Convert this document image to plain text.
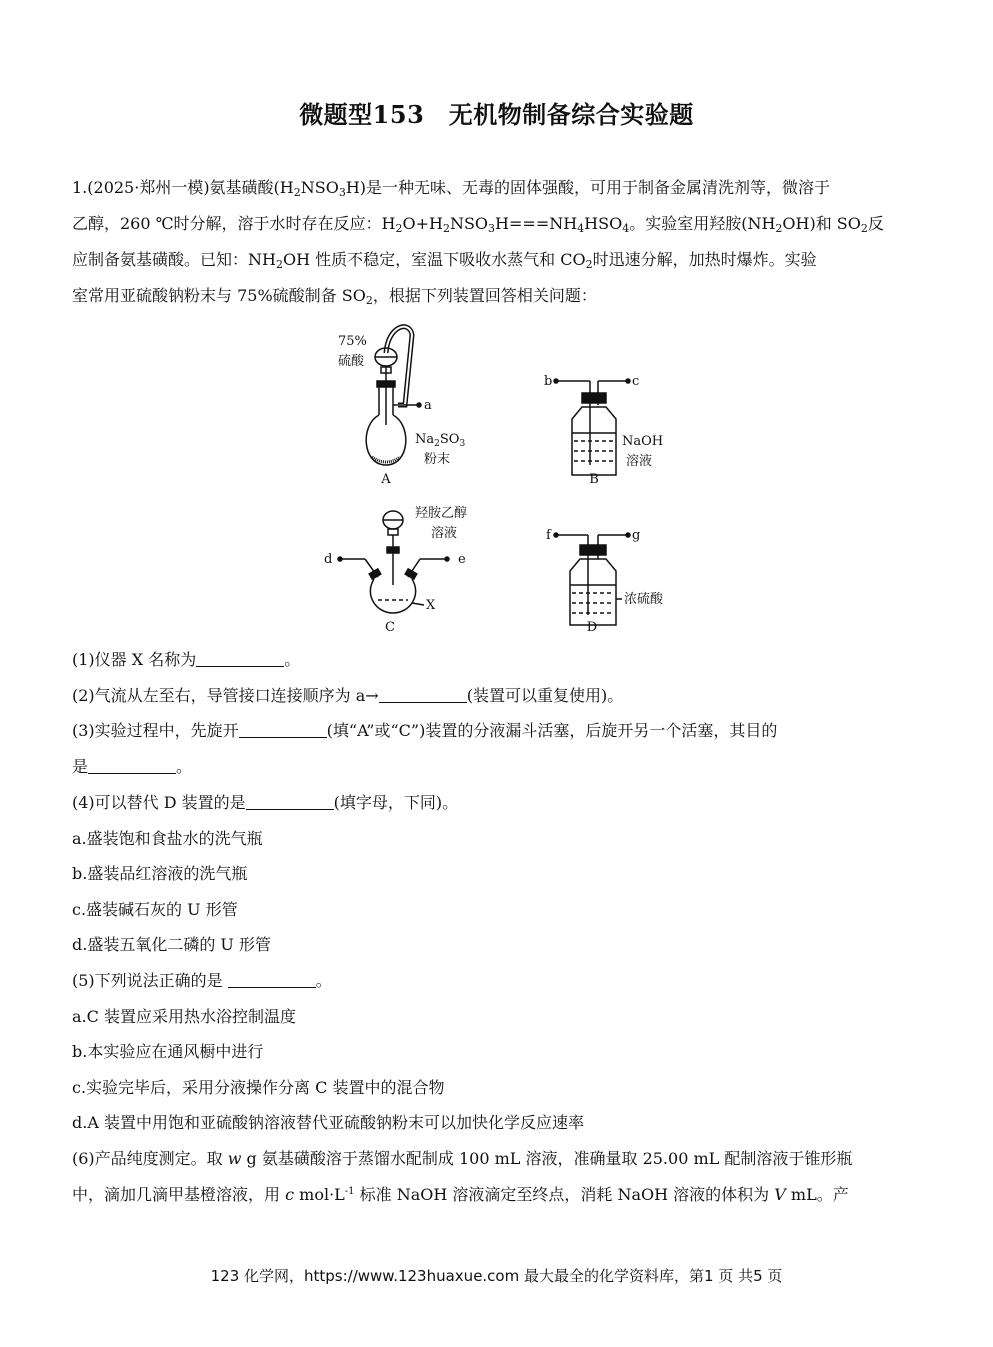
微题型153　无机物制备综合实验题
1.(2025·郑州一模)氨基磺酸$(H_2NSO_3H)$是一种无味、无毒的固体强酸，可用于制备金属清洗剂等，微溶于
乙醇，260 ℃时分解，溶于水时存在反应：$H_2O+H_2NSO_3H===NH_4HSO_4$。实验室用羟胺$(NH_2OH)$和 $SO_2$反
应制备氨基磺酸。已知：$NH_2OH$ 性质不稳定，室温下吸收水蒸气和 $CO_2$时迅速分解，加热时爆炸。实验
室常用亚硫酸钠粉末与 75%硫酸制备 $SO_2$，根据下列装置回答相关问题：
75%
硫酸
a
$Na_2SO_3$
粉末
A
b	c
NaOH
溶液
B
羟胺乙醇
溶液
d	e
X
C
f	g
浓硫酸
D
(1)仪器 X 名称为	。
(2)气流从左至右，导管接口连接顺序为 a→	(装置可以重复使用)。
(3)实验过程中，先旋开	(填“A”或“C”)装置的分液漏斗活塞，后旋开另一个活塞，其目的
是	。
(4)可以替代 D 装置的是	(填字母，下同)。
a.盛装饱和食盐水的洗气瓶
b.盛装品红溶液的洗气瓶
c.盛装碱石灰的 U 形管
d.盛装五氧化二磷的 U 形管
(5)下列说法正确的是	。
a.C 装置应采用热水浴控制温度
b.本实验应在通风橱中进行
c.实验完毕后，采用分液操作分离 C 装置中的混合物
d.A 装置中用饱和亚硫酸钠溶液替代亚硫酸钠粉末可以加快化学反应速率
(6)产品纯度测定。取 w g 氨基磺酸溶于蒸馏水配制成 100 mL 溶液，准确量取 25.00 mL 配制溶液于锥形瓶
中，滴加几滴甲基橙溶液，用 c $mol\cdot L^{-1}$ 标准 NaOH 溶液滴定至终点，消耗 NaOH 溶液的体积为 V mL。产
123 化学网，https://www.123huaxue.com 最大最全的化学资料库，第1 页 共5 页
